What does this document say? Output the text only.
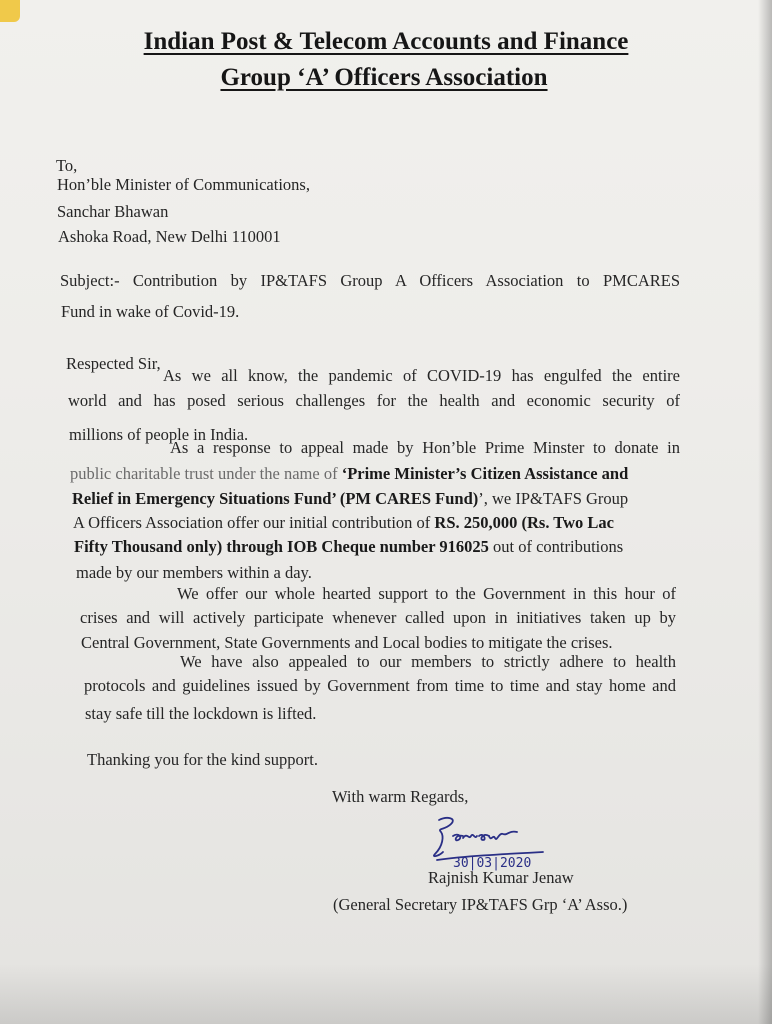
Indian Post & Telecom Accounts and Finance
Group ‘A’ Officers Association
To,
Hon’ble Minister of Communications,
Sanchar Bhawan
Ashoka Road, New Delhi 110001
Subject:- Contribution by IP&TAFS Group A Officers Association to PMCARES
Fund in wake of Covid-19.
Respected Sir,
As we all know, the pandemic of COVID-19 has engulfed the entire
world and has posed serious challenges for the health and economic security of
millions of people in India.
As a response to appeal made by Hon’ble Prime Minster to donate in
public charitable trust under the name of ‘Prime Minister’s Citizen Assistance and
Relief in Emergency Situations Fund’ (PM CARES Fund)’, we IP&TAFS Group
A Officers Association offer our initial contribution of RS. 250,000 (Rs. Two Lac
Fifty Thousand only) through IOB Cheque number 916025 out of contributions
made by our members within a day.
We offer our whole hearted support to the Government in this hour of
crises and will actively participate whenever called upon in initiatives taken up by
Central Government, State Governments and Local bodies to mitigate the crises.
We have also appealed to our members to strictly adhere to health
protocols and guidelines issued by Government from time to time and stay home and
stay safe till the lockdown is lifted.
Thanking you for the kind support.
With warm Regards,
30|03|2020
Rajnish Kumar Jenaw
(General Secretary IP&TAFS Grp ‘A’ Asso.)
